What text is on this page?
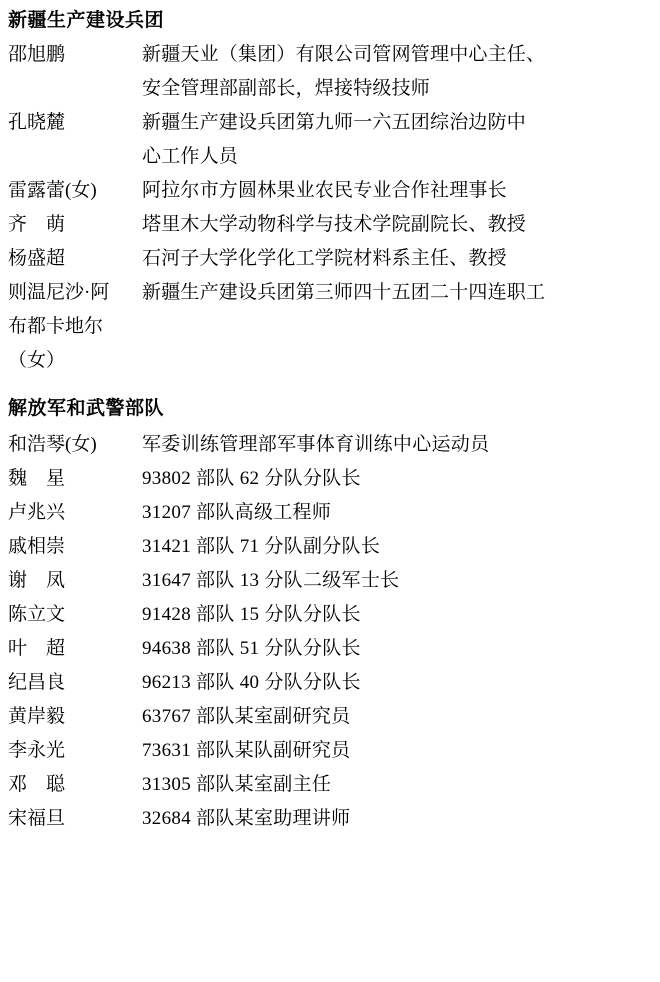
新疆生产建设兵团
邵旭鹏	新疆天业（集团）有限公司管网管理中心主任、
安全管理部副部长，焊接特级技师
孔晓麓	新疆生产建设兵团第九师一六五团综治边防中
心工作人员
雷露蕾(女)	阿拉尔市方圆林果业农民专业合作社理事长
齐　萌	塔里木大学动物科学与技术学院副院长、教授
杨盛超	石河子大学化学化工学院材料系主任、教授
则温尼沙·阿	新疆生产建设兵团第三师四十五团二十四连职工
布都卡地尔
（女）
解放军和武警部队
和浩琴(女)	军委训练管理部军事体育训练中心运动员
魏　星	93802 部队 62 分队分队长
卢兆兴	31207 部队高级工程师
戚相崇	31421 部队 71 分队副分队长
谢　凤	31647 部队 13 分队二级军士长
陈立文	91428 部队 15 分队分队长
叶　超	94638 部队 51 分队分队长
纪昌良	96213 部队 40 分队分队长
黄岸毅	63767 部队某室副研究员
李永光	73631 部队某队副研究员
邓　聪	31305 部队某室副主任
宋福旦	32684 部队某室助理讲师
